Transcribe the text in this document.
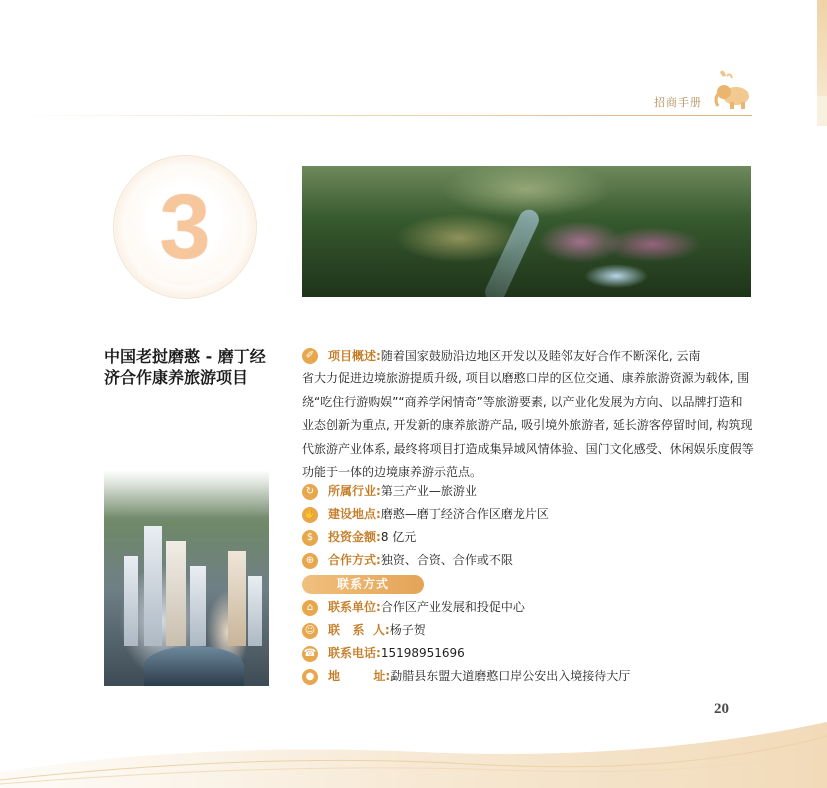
招商手册
3
中国老挝磨憨 - 磨丁经济合作康养旅游项目
✐	项目概述:随着国家鼓励沿边地区开发以及睦邻友好合作不断深化, 云南
省大力促进边境旅游提质升级, 项目以磨憨口岸的区位交通、康养旅游资源为载体, 围绕“吃住行游购娱”“商养学闲情奇”等旅游要素, 以产业化发展为方向、以品牌打造和业态创新为重点, 开发新的康养旅游产品, 吸引境外旅游者, 延长游客停留时间, 构筑现代旅游产业体系, 最终将项目打造成集异域风情体验、国门文化感受、休闲娱乐度假等功能于一体的边境康养游示范点。
↻	所属行业:第三产业—旅游业
✋ 建设地点:磨憨—磨丁经济合作区磨龙片区
$	投资金额:8 亿元
⊕	合作方式:独资、合资、合作或不限
⌂	联系单位:合作区产业发展和投促中心
☺ 联   系  人:杨子贺
☎ 联系电话:15198951696
●	地        址:勐腊县东盟大道磨憨口岸公安出入境接待大厅
联系方式
20
